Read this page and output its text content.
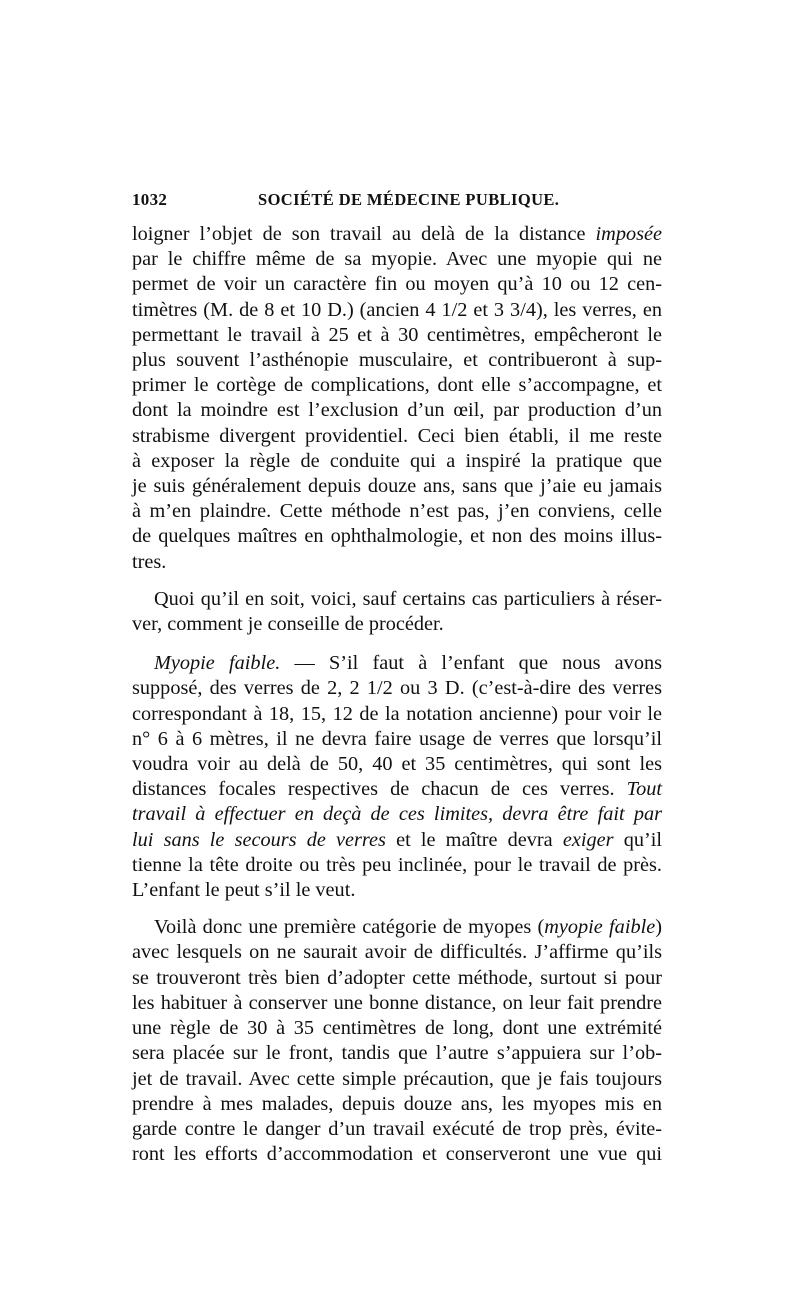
1032	SOCIÉTÉ DE MÉDECINE PUBLIQUE.
loigner l’objet de son travail au delà de la distance imposée
par le chiffre même de sa myopie. Avec une myopie qui ne
permet de voir un caractère fin ou moyen qu’à 10 ou 12 cen-
timètres (M. de 8 et 10 D.) (ancien 4 1/2 et 3 3/4), les verres, en
permettant le travail à 25 et à 30 centimètres, empêcheront le
plus souvent l’asthénopie musculaire, et contribueront à sup-
primer le cortège de complications, dont elle s’accompagne, et
dont la moindre est l’exclusion d’un œil, par production d’un
strabisme divergent providentiel. Ceci bien établi, il me reste
à exposer la règle de conduite qui a inspiré la pratique que
je suis généralement depuis douze ans, sans que j’aie eu jamais
à m’en plaindre. Cette méthode n’est pas, j’en conviens, celle
de quelques maîtres en ophthalmologie, et non des moins illus-
tres.
Quoi qu’il en soit, voici, sauf certains cas particuliers à réser-
ver, comment je conseille de procéder.
Myopie faible. — S’il faut à l’enfant que nous avons
supposé, des verres de 2, 2 1/2 ou 3 D. (c’est-à-dire des verres
correspondant à 18, 15, 12 de la notation ancienne) pour voir le
n° 6 à 6 mètres, il ne devra faire usage de verres que lorsqu’il
voudra voir au delà de 50, 40 et 35 centimètres, qui sont les
distances focales respectives de chacun de ces verres. Tout
travail à effectuer en deçà de ces limites, devra être fait par
lui sans le secours de verres et le maître devra exiger qu’il
tienne la tête droite ou très peu inclinée, pour le travail de près.
L’enfant le peut s’il le veut.
Voilà donc une première catégorie de myopes (myopie faible)
avec lesquels on ne saurait avoir de difficultés. J’affirme qu’ils
se trouveront très bien d’adopter cette méthode, surtout si pour
les habituer à conserver une bonne distance, on leur fait prendre
une règle de 30 à 35 centimètres de long, dont une extrémité
sera placée sur le front, tandis que l’autre s’appuiera sur l’ob-
jet de travail. Avec cette simple précaution, que je fais toujours
prendre à mes malades, depuis douze ans, les myopes mis en
garde contre le danger d’un travail exécuté de trop près, évite-
ront les efforts d’accommodation et conserveront une vue qui
